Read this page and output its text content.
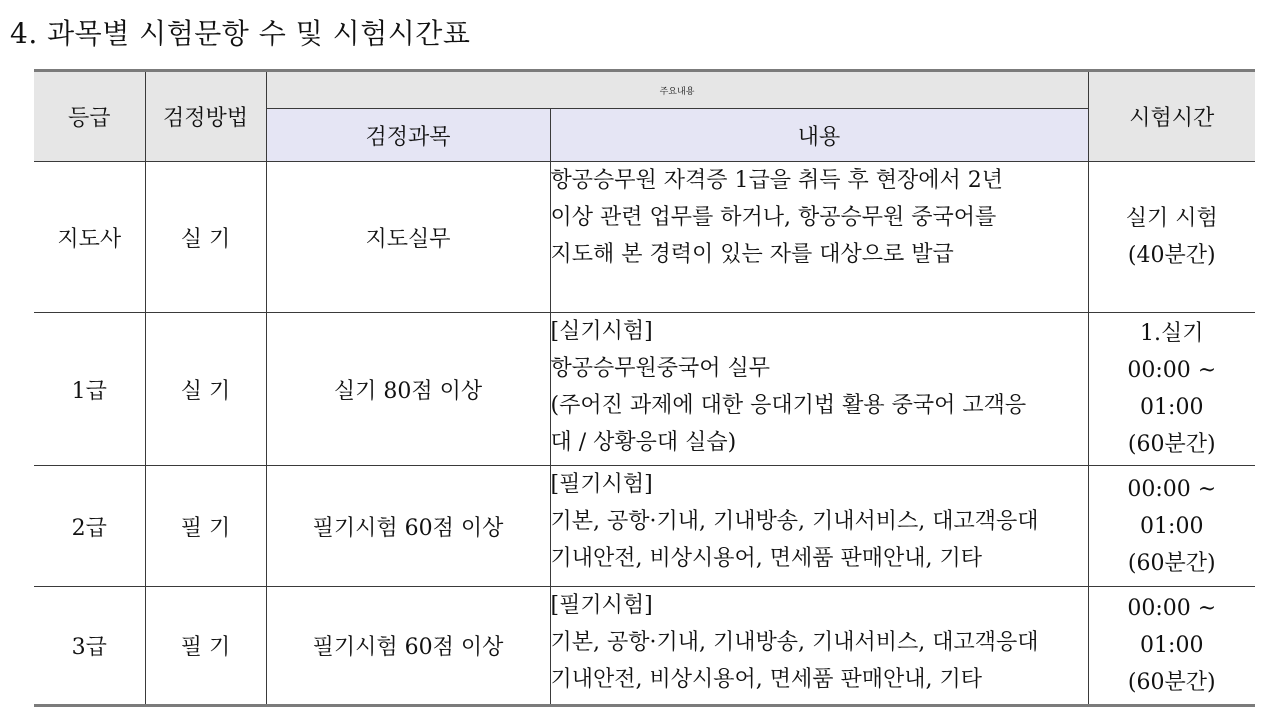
4. 과목별 시험문항 수 및 시험시간표
등급	검정방법	주요내용		시험시간
		검정과목	내용	
지도사	실 기	지도실무	항공승무원 자격증 1급을 취득 후 현장에서 2년
이상 관련 업무를 하거나, 항공승무원 중국어를
지도해 본 경력이 있는 자를 대상으로 발급	실기 시험
(40분간)

1급	실 기	실기 80점 이상	[실기시험]
항공승무원중국어 실무
(주어진 과제에 대한 응대기법 활용 중국어 고객응
대 / 상황응대 실습)	1.실기
00:00 ~
01:00
(60분간)

2급	필 기	필기시험 60점 이상	[필기시험]
기본, 공항·기내, 기내방송, 기내서비스, 대고객응대
기내안전, 비상시용어, 면세품 판매안내, 기타	00:00 ~
01:00
(60분간)

3급	필 기	필기시험 60점 이상	[필기시험]
기본, 공항·기내, 기내방송, 기내서비스, 대고객응대
기내안전, 비상시용어, 면세품 판매안내, 기타	00:00 ~
01:00
(60분간)
